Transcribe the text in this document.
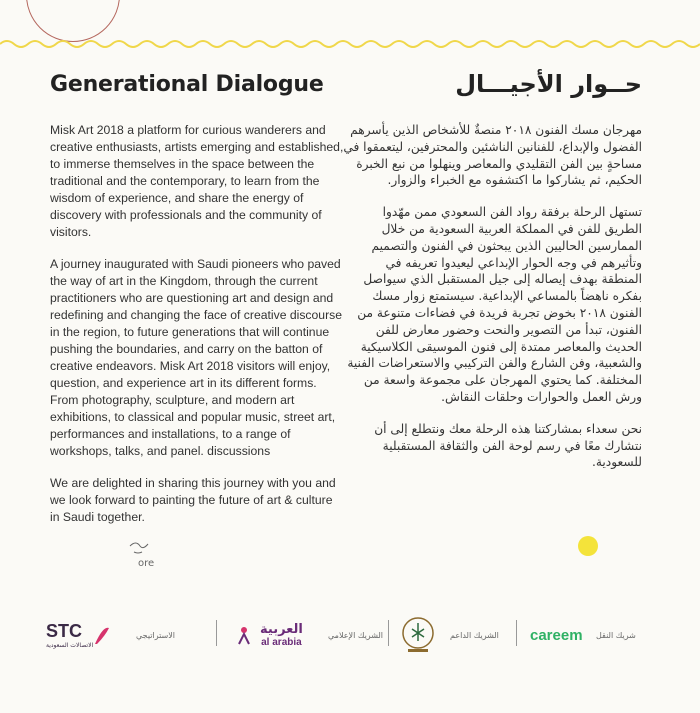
Generational Dialogue	حــوار الأجيـــال

Misk Art 2018 a platform for curious wanderers and creative enthusiasts, artists emerging and established, to immerse themselves in the space between the traditional and the contemporary, to learn from the wisdom of experience, and share the energy of discovery with professionals and the community of visitors.

A journey inaugurated with Saudi pioneers who paved the way of art in the Kingdom, through the current practitioners who are questioning art and design and redefining and changing the face of creative discourse in the region, to future generations that will continue pushing the boundaries, and carry on the batton of creative endeavors. Misk Art 2018 visitors will enjoy, question, and experience art in its different forms. From photography, sculpture, and modern art exhibitions, to classical and popular music, street art, performances and installations, to a range of workshops, talks, and panel. discussions

We are delighted in sharing this journey with you and we look forward to painting the future of art & culture in Saudi together.

مهرجان مسك الفنون ٢٠١٨ منصةٌ للأشخاص الذين يأسرهم الفضول والإبداع، للفنانين الناشئين والمحترفين، ليتعمقوا في مساحةٍ بين الفن التقليدي والمعاصر وينهلوا من نبع الخبرة الحكيم، ثم يشاركوا ما اكتشفوه مع الخبراء والزوار.

تستهل الرحلة برفقة رواد الفن السعودي ممن مهّدوا الطريق للفن في المملكة العربية السعودية من خلال الممارسين الحاليين الذين يبحثون في الفنون والتصميم وتأثيرهم في وجه الحوار الإبداعي ليعيدوا تعريفه في المنطقة بهدف إيصاله إلى جيل المستقبل الذي سيواصل بفكره ناهضاً بالمساعي الإبداعية. سيستمتع زوار مسك الفنون ٢٠١٨ بخوض تجربة فريدة في فضاءات متنوعة من الفنون، تبدأ من التصوير والنحت وحضور معارض للفن الحديث والمعاصر ممتدة إلى فنون الموسيقى الكلاسيكية والشعبية، وفن الشارع والفن التركيبي والاستعراضات الفنية المختلفة. كما يحتوي المهرجان على مجموعة واسعة من ورش العمل والحوارات وحلقات النقاش.

نحن سعداء بمشاركتنا هذه الرحلة معك ونتطلع إلى أن نتشارك معًا في رسم لوحة الفن والثقافة المستقبلية للسعودية.

ore
STC
الاتصالات السعودية
الاستراتيجي	العربية
al arabia
الشريك الإعلامي	الشريك الداعم careem شريك النقل
